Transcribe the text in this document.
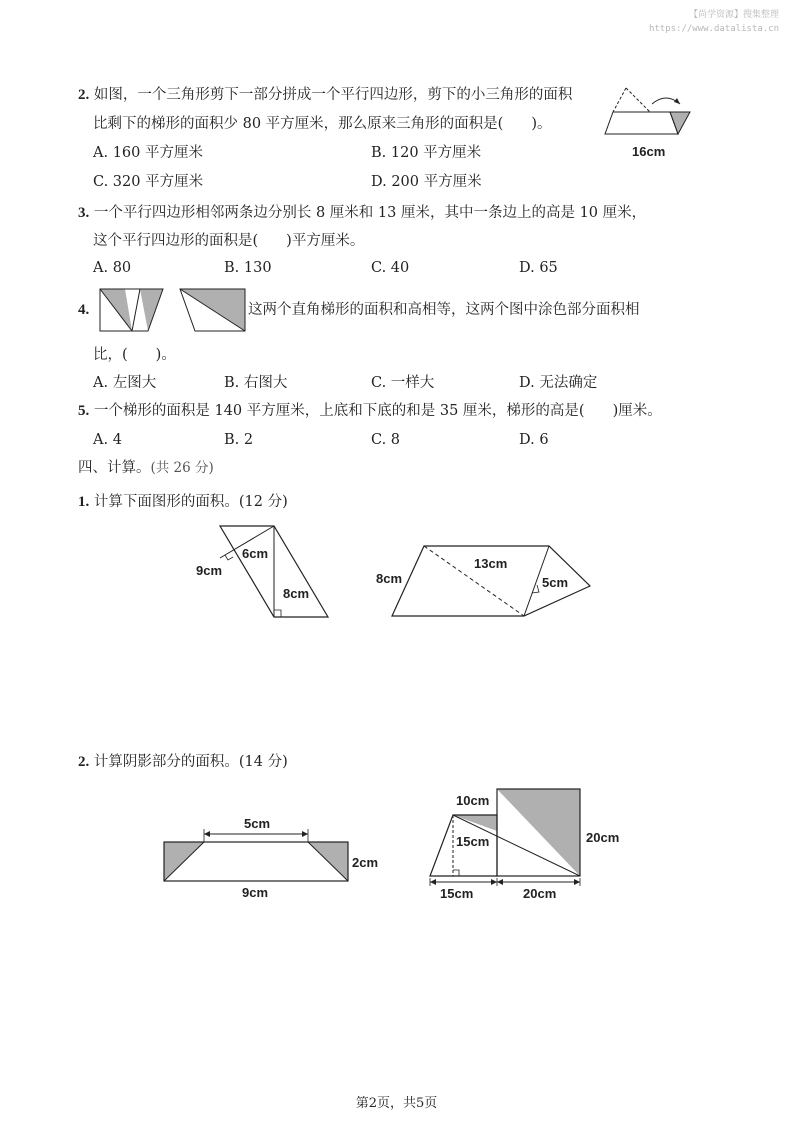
【尚学资源】搜集整理
https://www.datalista.cn
2. 如图，一个三角形剪下一部分拼成一个平行四边形，剪下的小三角形的面积
比剩下的梯形的面积少 80 平方厘米，那么原来三角形的面积是( )。
A. 160 平方厘米	B. 120 平方厘米
C. 320 平方厘米	D. 200 平方厘米
16cm
3. 一个平行四边形相邻两条边分别长 8 厘米和 13 厘米，其中一条边上的高是 10 厘米，
这个平行四边形的面积是( )平方厘米。
A. 80	B. 130	C. 40	D. 65
4.	这两个直角梯形的面积和高相等，这两个图中涂色部分面积相
比，( )。
A. 左图大	B. 右图大	C. 一样大	D. 无法确定
5. 一个梯形的面积是 140 平方厘米，上底和下底的和是 35 厘米，梯形的高是( )厘米。
A. 4	B. 2	C. 8	D. 6
四、计算。(共 26 分)
1. 计算下面图形的面积。(12 分)
6cm
9cm
8cm
13cm
8cm	5cm
2. 计算阴影部分的面积。(14 分)
5cm
2cm
9cm
10cm
15cm	20cm
15cm	20cm
第2页，共5页
